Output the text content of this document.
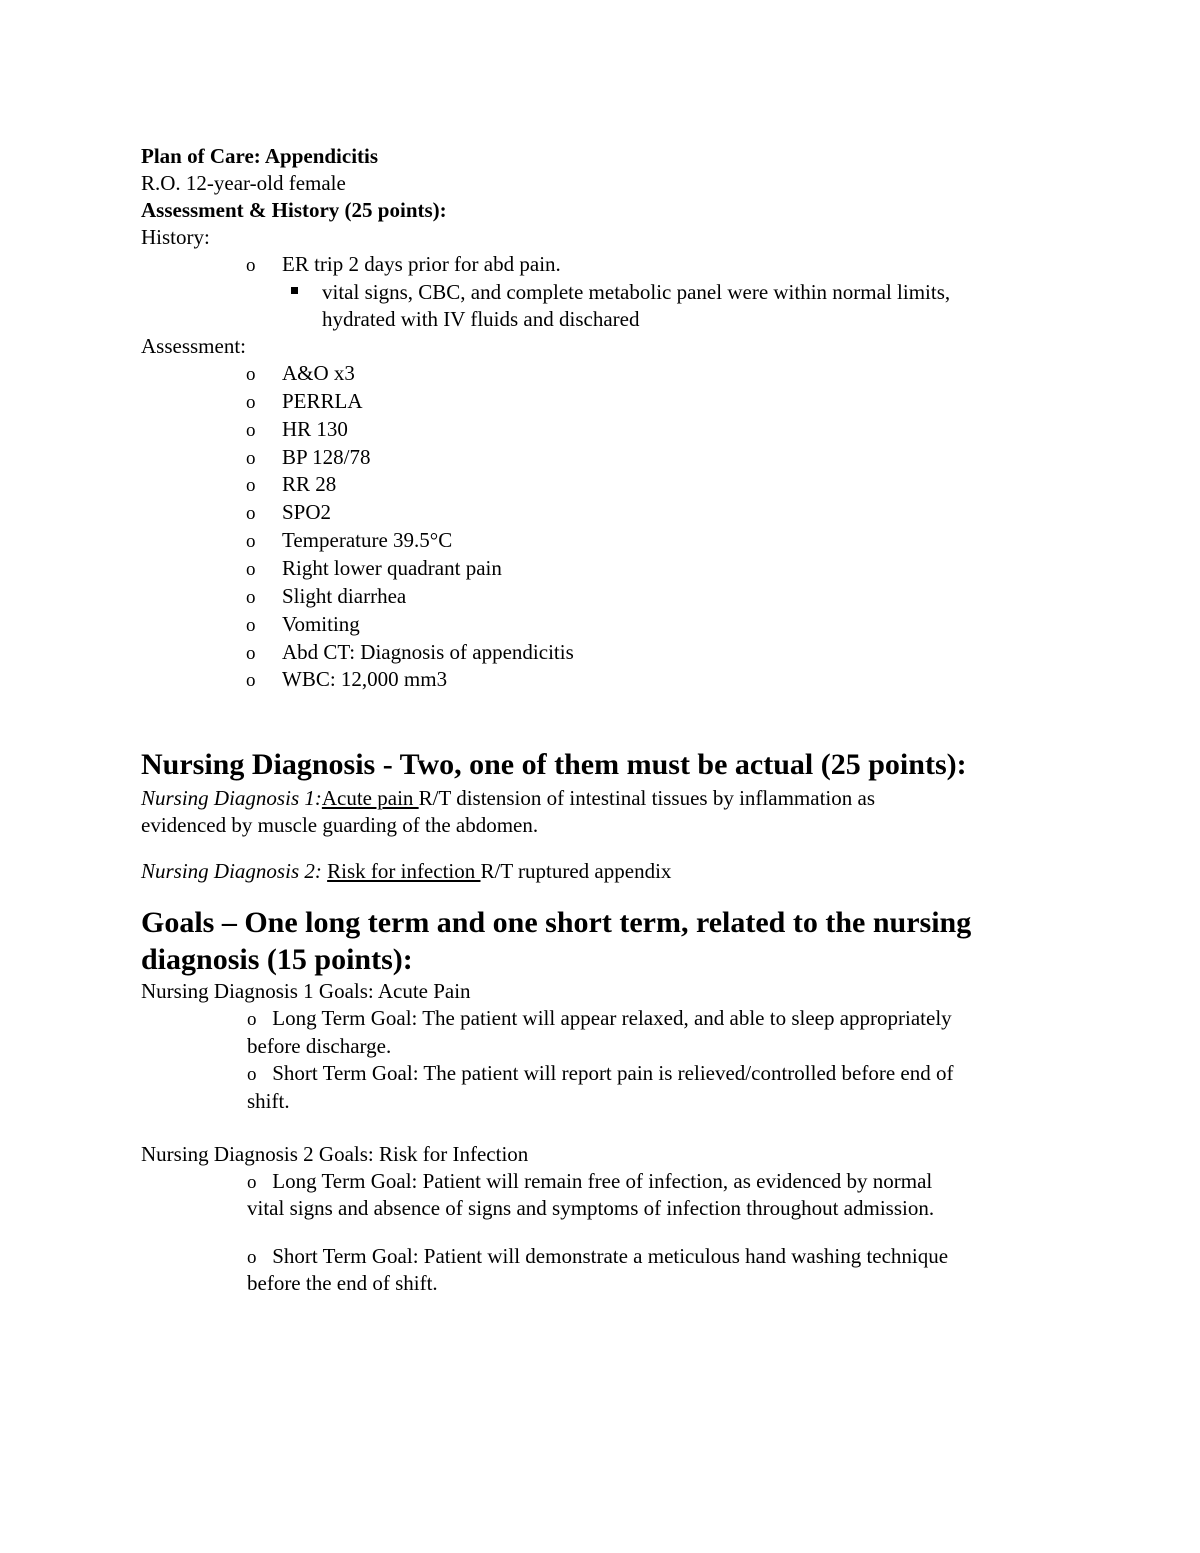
Plan of Care: Appendicitis
R.O. 12-year-old female
Assessment & History (25 points):
History:
o ER trip 2 days prior for abd pain.
vital signs, CBC, and complete metabolic panel were within normal limits,
hydrated with IV fluids and dischared
Assessment:
o A&O x3
o PERRLA
o HR 130
o BP 128/78
o RR 28
o SPO2
o Temperature 39.5°C
o Right lower quadrant pain
o Slight diarrhea
o Vomiting
o Abd CT: Diagnosis of appendicitis
o WBC: 12,000 mm3
Nursing Diagnosis - Two, one of them must be actual (25 points):
Nursing Diagnosis 1:Acute pain R/T distension of intestinal tissues by inflammation as
evidenced by muscle guarding of the abdomen.
Nursing Diagnosis 2: Risk for infection R/T ruptured appendix
Goals – One long term and one short term, related to the nursing
diagnosis (15 points):
Nursing Diagnosis 1 Goals: Acute Pain
o Long Term Goal: The patient will appear relaxed, and able to sleep appropriately
before discharge.
o Short Term Goal: The patient will report pain is relieved/controlled before end of
shift.
Nursing Diagnosis 2 Goals: Risk for Infection
o Long Term Goal: Patient will remain free of infection, as evidenced by normal
vital signs and absence of signs and symptoms of infection throughout admission.
o Short Term Goal: Patient will demonstrate a meticulous hand washing technique
before the end of shift.
